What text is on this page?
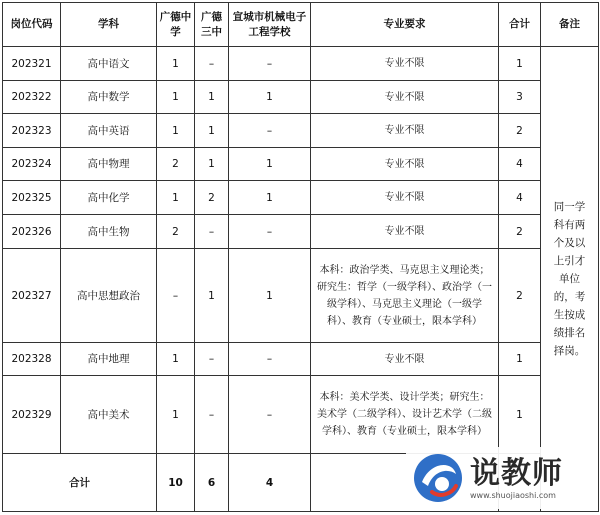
岗位代码	学科	广德中学	广德三中	宣城市机械电子工程学校	专业要求	合计	备注
202321	高中语文	1	–	–	专业不限	1	同一学科有两个及以上引才单位的，考生按成绩排名择岗。
202322	高中数学	1	1	1	专业不限	3	
202323	高中英语	1	1	–	专业不限	2	
202324	高中物理	2	1	1	专业不限	4	
202325	高中化学	1	2	1	专业不限	4	
202326	高中生物	2	–	–	专业不限	2	
202327	高中思想政治	–	1	1	本科：政治学类、马克思主义理论类；研究生：哲学（一级学科）、政治学（一级学科）、马克思主义理论（一级学科）、教育（专业硕士，限本学科）	2	
202328	高中地理	1	–	–	专业不限	1	
202329	高中美术	1	–	–	本科：美术学类、设计学类；研究生：美术学（二级学科）、设计艺术学（二级学科）、教育（专业硕士，限本学科）	1	
合计		10	6	4				说教师
www.shuojiaoshi.com
